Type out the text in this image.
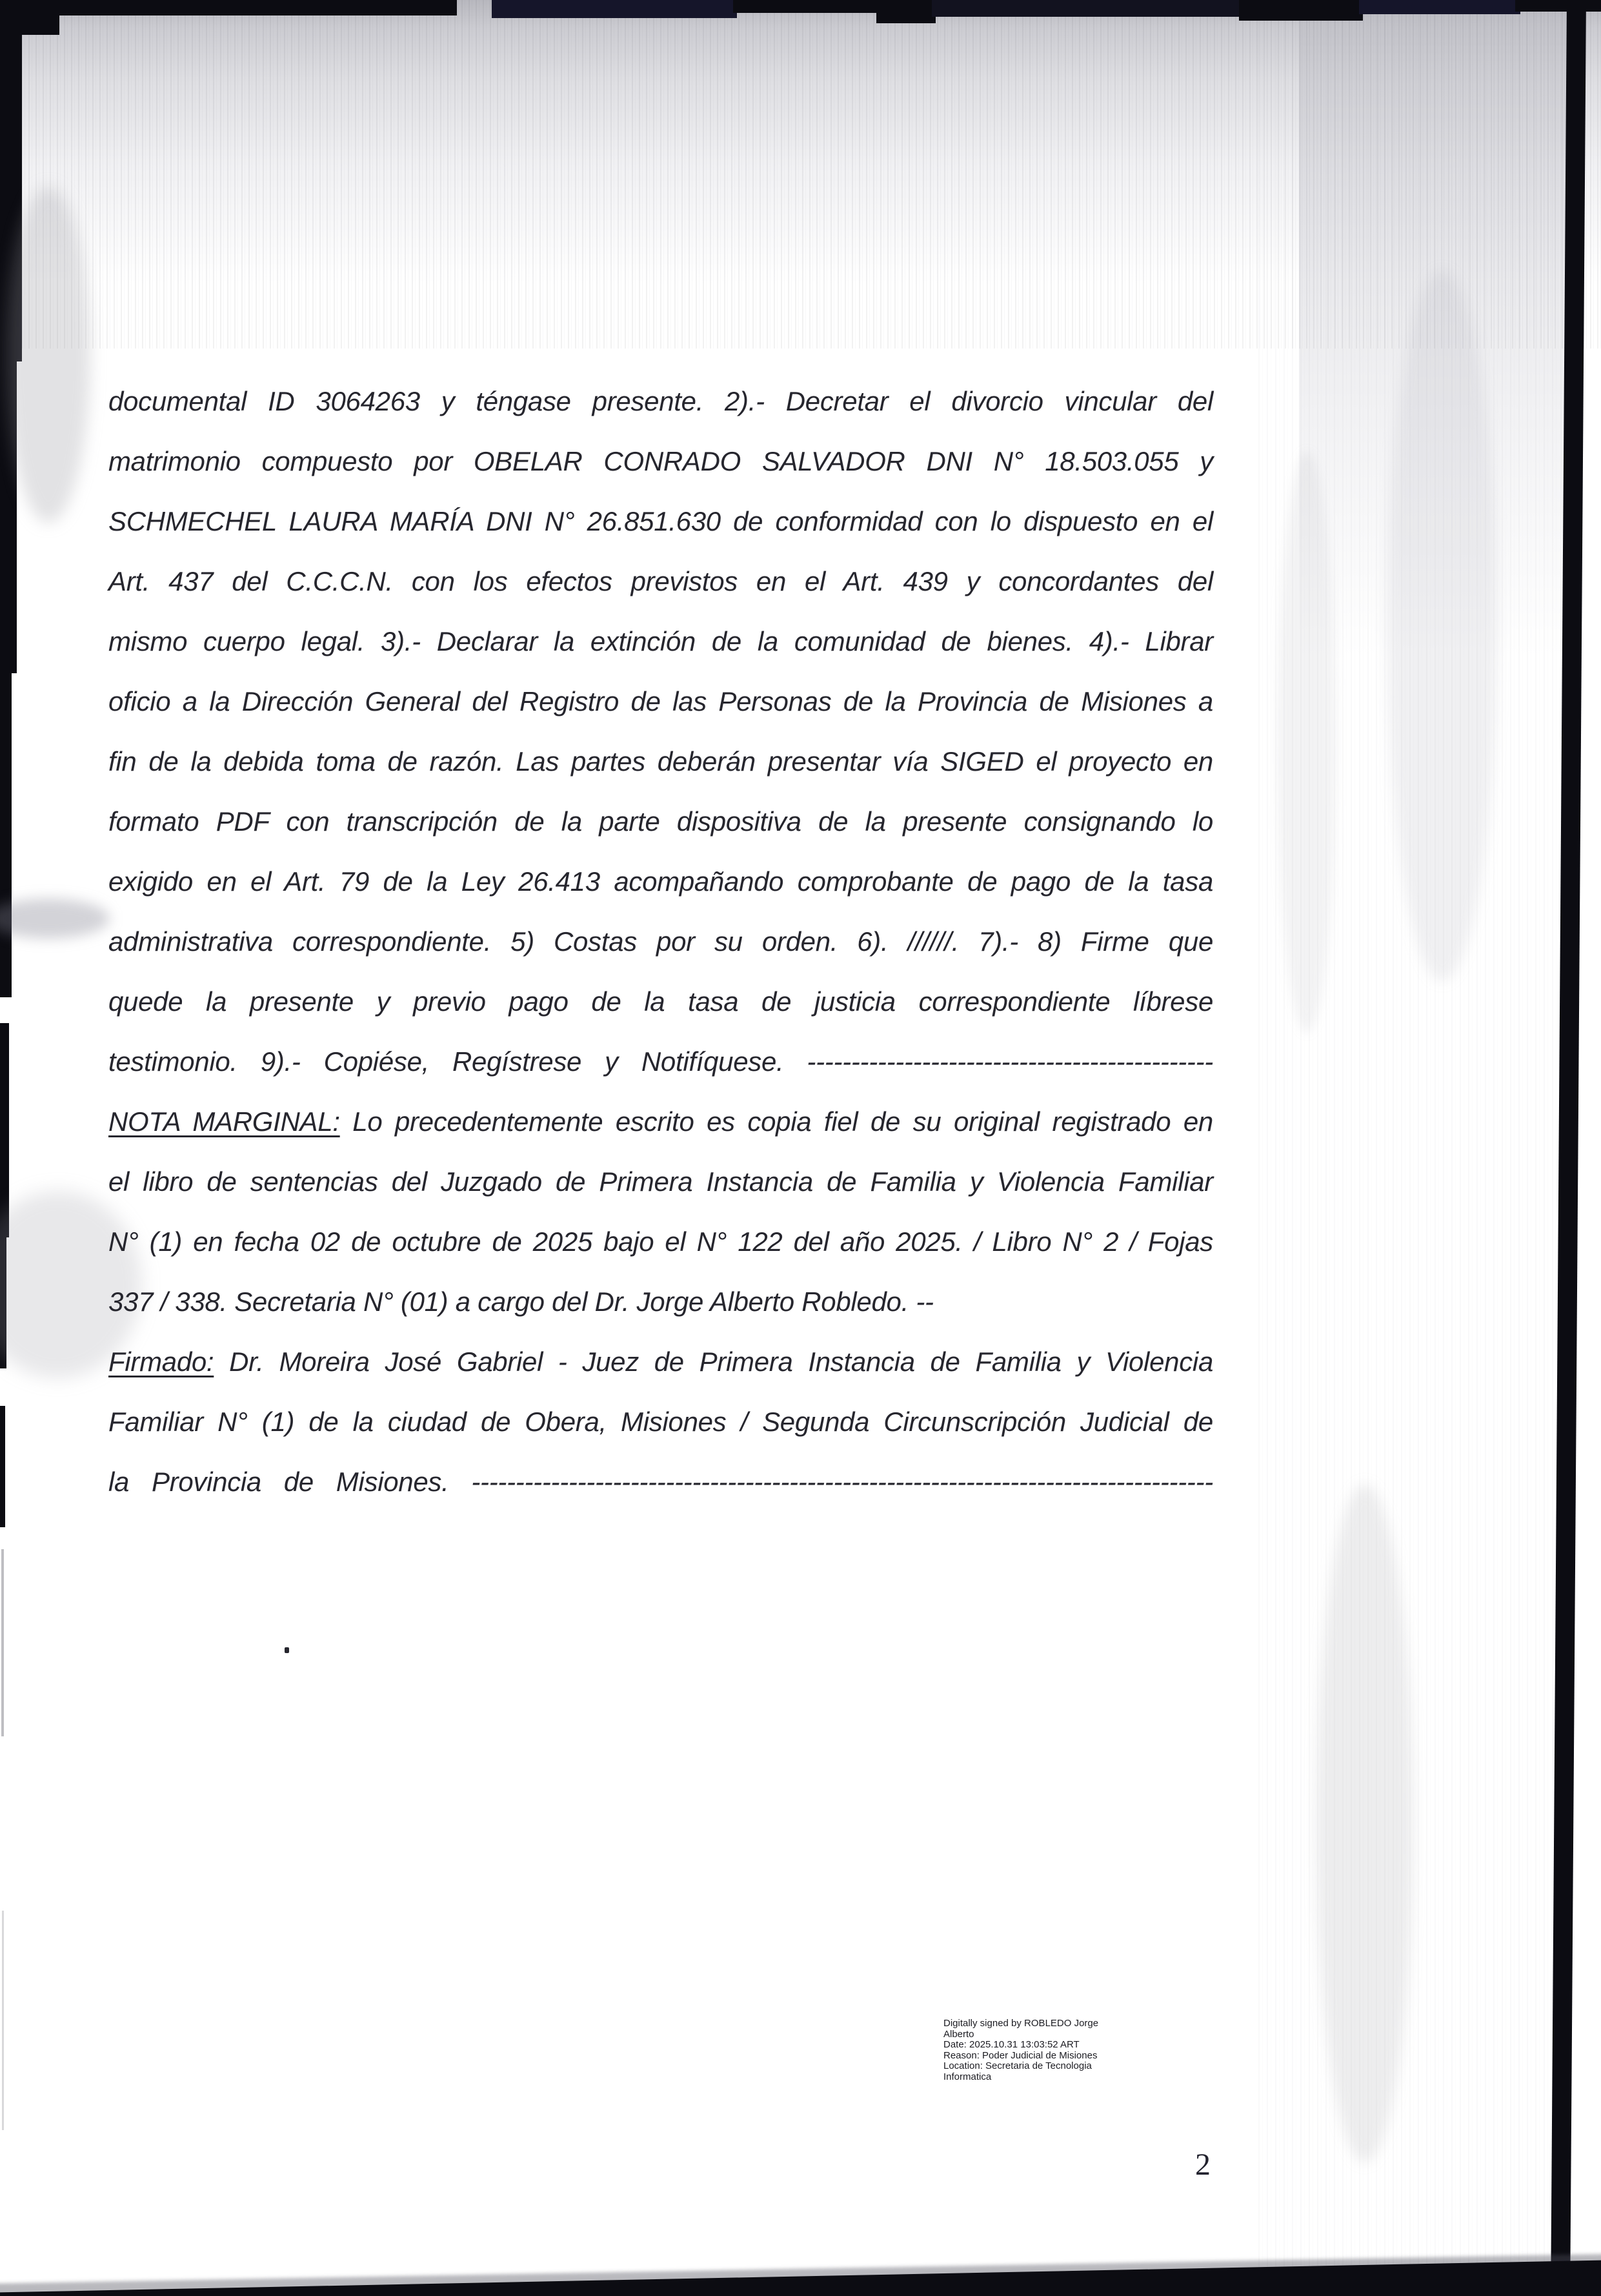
documental ID 3064263 y téngase presente. 2).- Decretar el divorcio vincular del
matrimonio compuesto por OBELAR CONRADO SALVADOR DNI N° 18.503.055 y
SCHMECHEL LAURA MARÍA DNI N° 26.851.630 de conformidad con lo dispuesto en el
Art. 437 del C.C.C.N. con los efectos previstos en el Art. 439 y concordantes del
mismo cuerpo legal. 3).- Declarar la extinción de la comunidad de bienes. 4).- Librar
oficio a la Dirección General del Registro de las Personas de la Provincia de Misiones a
fin de la debida toma de razón. Las partes deberán presentar vía SIGED el proyecto en
formato PDF con transcripción de la parte dispositiva de la presente consignando lo
exigido en el Art. 79 de la Ley 26.413 acompañando comprobante de pago de la tasa
administrativa correspondiente. 5) Costas por su orden. 6). //////. 7).- 8) Firme que
quede la presente y previo pago de la tasa de justicia correspondiente líbrese
testimonio. 9).- Copiése, Regístrese y Notifíquese. ----------------------------------------------
NOTA MARGINAL: Lo precedentemente escrito es copia fiel de su original registrado en
el libro de sentencias del Juzgado de Primera Instancia de Familia y Violencia Familiar
N° (1) en fecha 02 de octubre de 2025 bajo el N° 122 del año 2025. / Libro N° 2 / Fojas
337 / 338. Secretaria N° (01) a cargo del Dr. Jorge Alberto Robledo. --
Firmado: Dr. Moreira José Gabriel - Juez de Primera Instancia de Familia y Violencia
Familiar N° (1) de la ciudad de Obera, Misiones / Segunda Circunscripción Judicial de
la Provincia de Misiones. ------------------------------------------------------------------------------------
Digitally signed by ROBLEDO Jorge
Alberto
Date: 2025.10.31 13:03:52 ART
Reason: Poder Judicial de Misiones
Location: Secretaria de Tecnologia
Informatica
2
